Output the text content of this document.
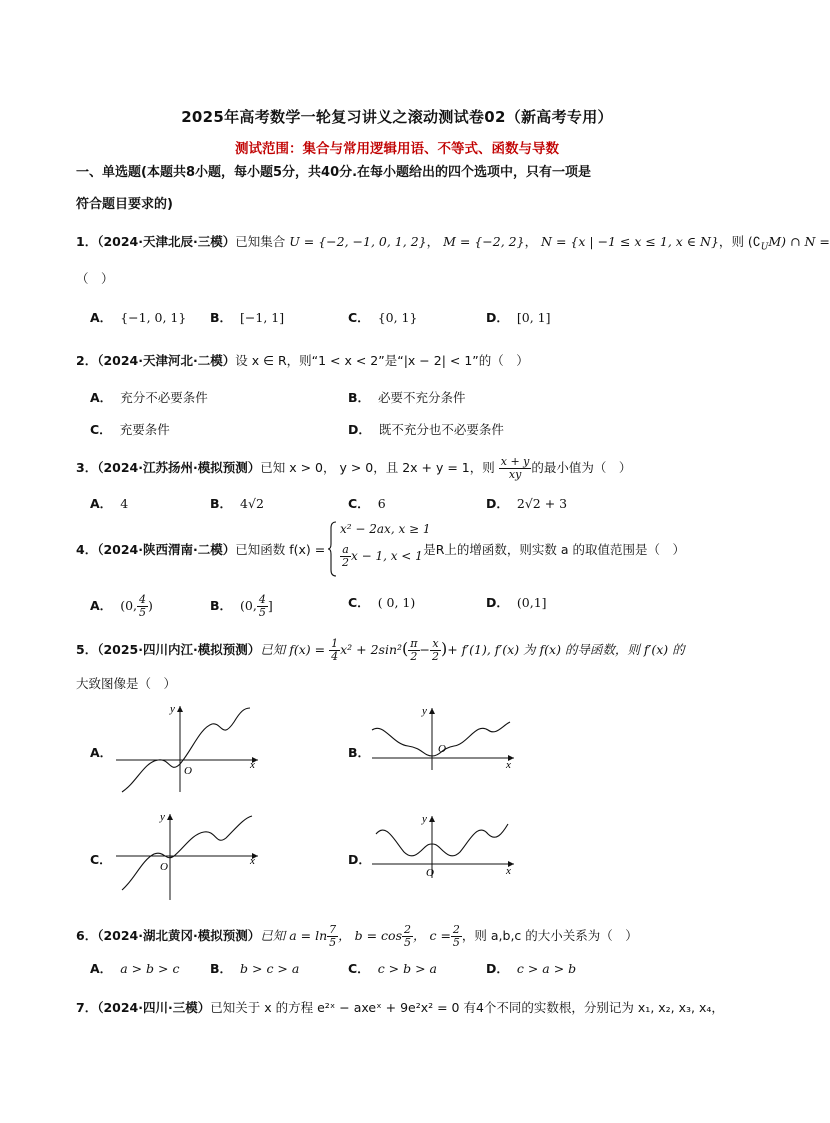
2025年高考数学一轮复习讲义之滚动测试卷02（新高考专用）
测试范围：集合与常用逻辑用语、不等式、函数与导数
一、单选题(本题共8小题，每小题5分，共40分.在每小题给出的四个选项中，只有一项是
符合题目要求的)
1．（2024·天津北辰·三模）已知集合 U = {−2, −1, 0, 1, 2}， M = {−2, 2}， N = {x | −1 ≤ x ≤ 1, x ∈ N}，则 $(∁_UM)$ ∩ N =
（　）
A． {−1, 0, 1} B． [−1, 1]	C． {0, 1}	D． [0, 1]
2．（2024·天津河北·二模）设 x ∈ R，则“1 < x < 2”是“|x − 2| < 1”的（　）
A． 充分不必要条件	B． 必要不充分条件
C． 充要条件	D． 既不充分也不必要条件
3．（2024·江苏扬州·模拟预测）已知 x > 0， y > 0，且 2x + y = 1，则 $\frac{x + y}{xy}$ 的最小值为（　）
A． 4	B． 4√2	C． 6	D． 2√2 + 3
4．（2024·陕西渭南·二模）已知函数 f(x) =	是R上的增函数，则实数 a 的取值范围是（　）
x² − 2ax, x ≥ 1
$\frac{a}{2}$ x − 1, x < 1
A． (0, $\frac{4}{5}$ )	B． (0, $\frac{4}{5}$ ]	C． ( 0, 1)	D． (0,1]
5．（2025·四川内江·模拟预测）已知 $f(x) = \frac{1}{4} x^2 + 2\sin^2( \frac{\pi}{2} - \frac{x}{2}$ )+ f′(1), f′(x) 为 f(x) 的导函数，则 f′(x) 的
大致图像是（　）
A．	B．
C．	D．
y
x
O
y
x
O
y
x
O
y
x
O
6．（2024·湖北黄冈·模拟预测）已知 $a = \ln \frac{7}{5}$ ， $b = \cos \frac{2}{5}$ ， $c = \frac{2}{5}$ ，则 a,b,c 的大小关系为（　）
A． a > b > c B． b > c > a	C． c > b > a	D． c > a > b
7．（2024·四川·三模）已知关于 x 的方程 e²ˣ − axeˣ + 9e²x² = 0 有4个不同的实数根，分别记为 x₁, x₂, x₃, x₄，
